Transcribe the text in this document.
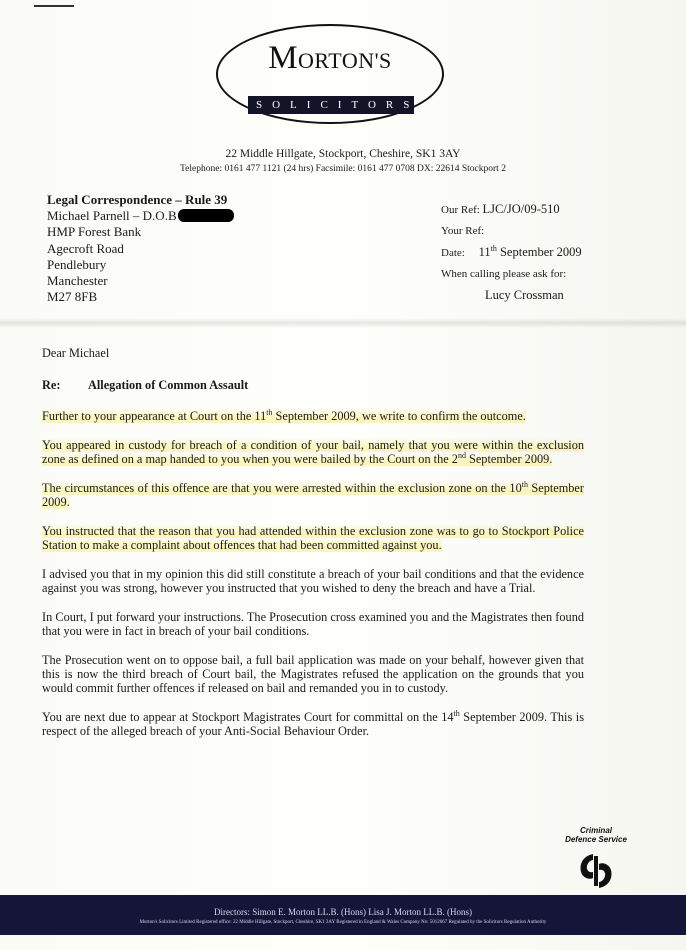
MORTON'S
SOLICITORS
22 Middle Hillgate, Stockport, Cheshire, SK1 3AY
Telephone: 0161 477 1121 (24 hrs) Facsimile: 0161 477 0708 DX: 22614 Stockport 2
Legal Correspondence – Rule 39
Michael Parnell – D.O.B
HMP Forest Bank
Agecroft Road
Pendlebury
Manchester
M27 8FB
Our Ref: LJC/JO/09-510
Your Ref:
Date: 11th September 2009
When calling please ask for:
Lucy Crossman

Dear Michael

Re: Allegation of Common Assault

Further to your appearance at Court on the 11th September 2009, we write to confirm the outcome.

You appeared in custody for breach of a condition of your bail, namely that you were within the exclusion zone as defined on a map handed to you when you were bailed by the Court on the 2nd September 2009.

The circumstances of this offence are that you were arrested within the exclusion zone on the 10th September 2009.

You instructed that the reason that you had attended within the exclusion zone was to go to Stockport Police Station to make a complaint about offences that had been committed against you.

I advised you that in my opinion this did still constitute a breach of your bail conditions and that the evidence against you was strong, however you instructed that you wished to deny the breach and have a Trial.

In Court, I put forward your instructions. The Prosecution cross examined you and the Magistrates then found that you were in fact in breach of your bail conditions.

The Prosecution went on to oppose bail, a full bail application was made on your behalf, however given that this is now the third breach of Court bail, the Magistrates refused the application on the grounds that you would commit further offences if released on bail and remanded you in to custody.

You are next due to appear at Stockport Magistrates Court for committal on the 14th September 2009. This is respect of the alleged breach of your Anti-Social Behaviour Order.

Criminal
Defence Service
Directors: Simon E. Morton LL.B. (Hons) Lisa J. Morton LL.B. (Hons)
Morton's Solicitors Limited Registered office: 22 Middle Hillgate, Stockport, Cheshire, SK1 3AY Registered in England & Wales Company No: 5012667 Regulated by the Solicitors Regulation Authority
